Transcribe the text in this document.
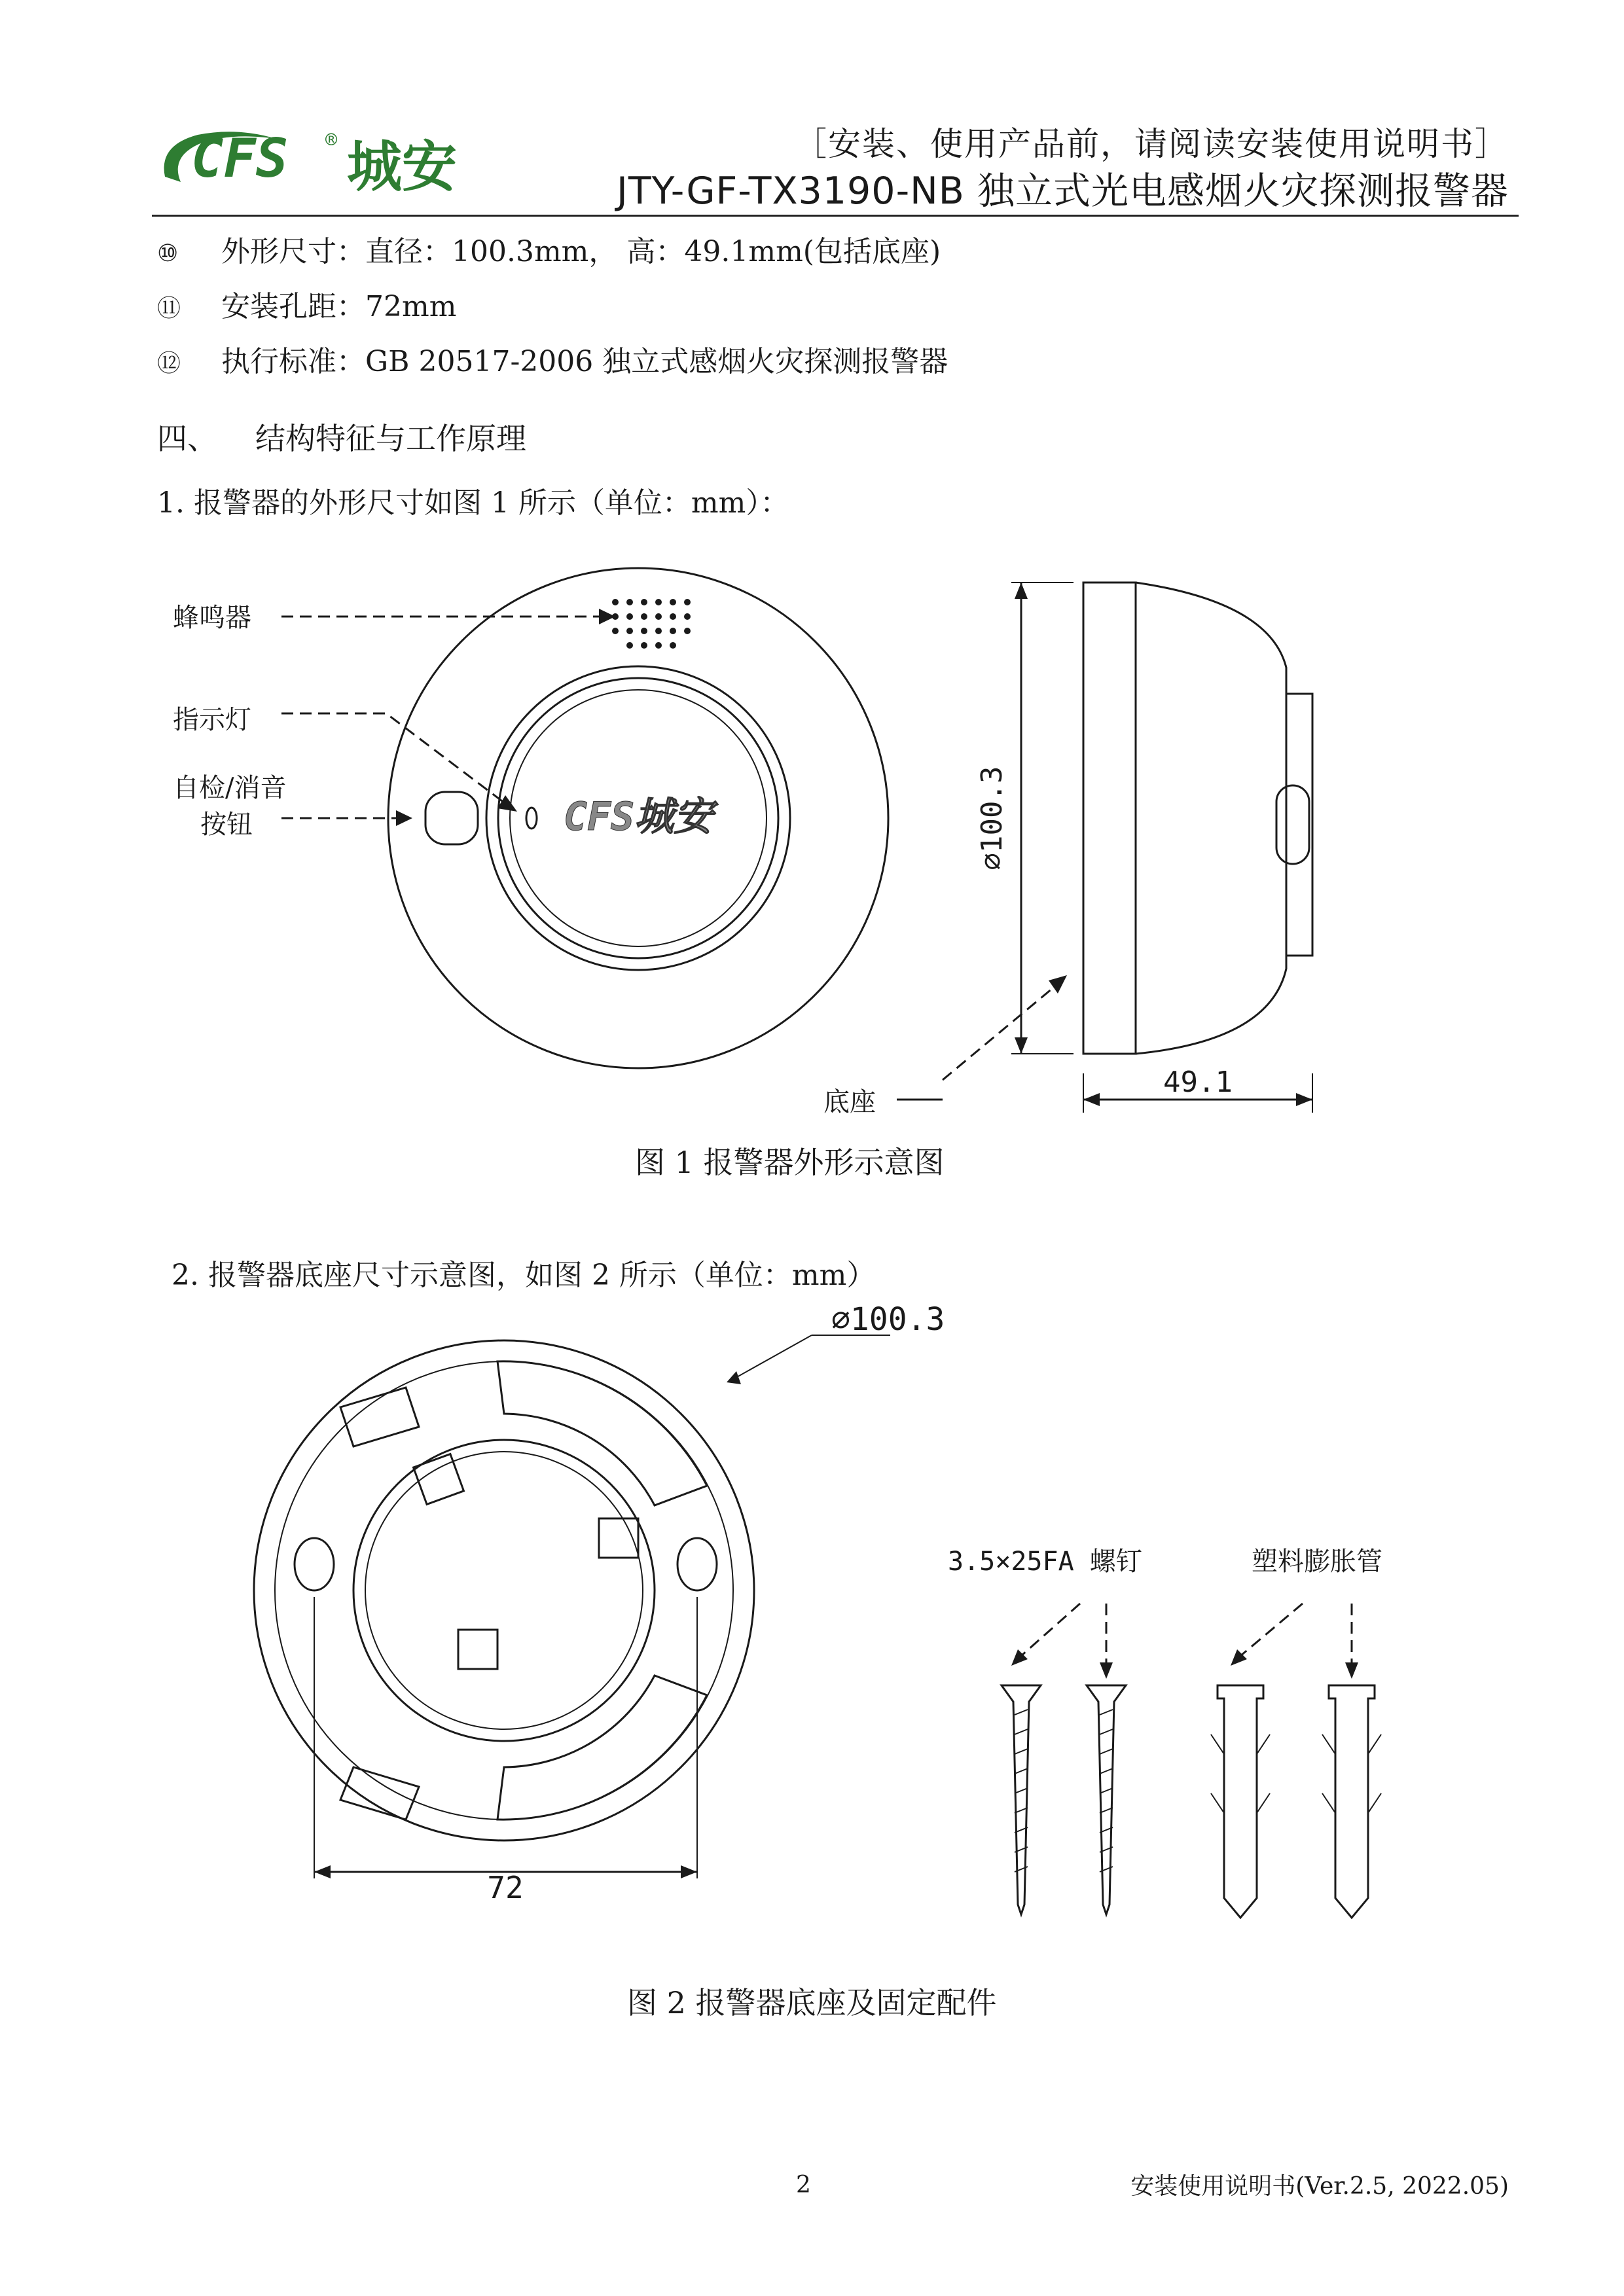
CFS ® 城安	［安装、使用产品前，请阅读安装使用说明书］
JTY-GF-TX3190-NB 独立式光电感烟火灾探测报警器
⑩ 外形尺寸：直径：100.3mm， 高：49.1mm(包括底座)
⑪ 安装孔距：72mm
⑫ 执行标准：GB 20517-2006 独立式感烟火灾探测报警器
四、 结构特征与工作原理
1. 报警器的外形尺寸如图 1 所示（单位：mm）：
CFS城安	⌀100.3
49.1
⌀100.3
72
蜂鸣器
指示灯
自检/消音
按钮
底座
图 1 报警器外形示意图
2. 报警器底座尺寸示意图，如图 2 所示（单位：mm）
3.5×25FA 螺钉	塑料膨胀管
图 2 报警器底座及固定配件
2	安装使用说明书(Ver.2.5, 2022.05)
